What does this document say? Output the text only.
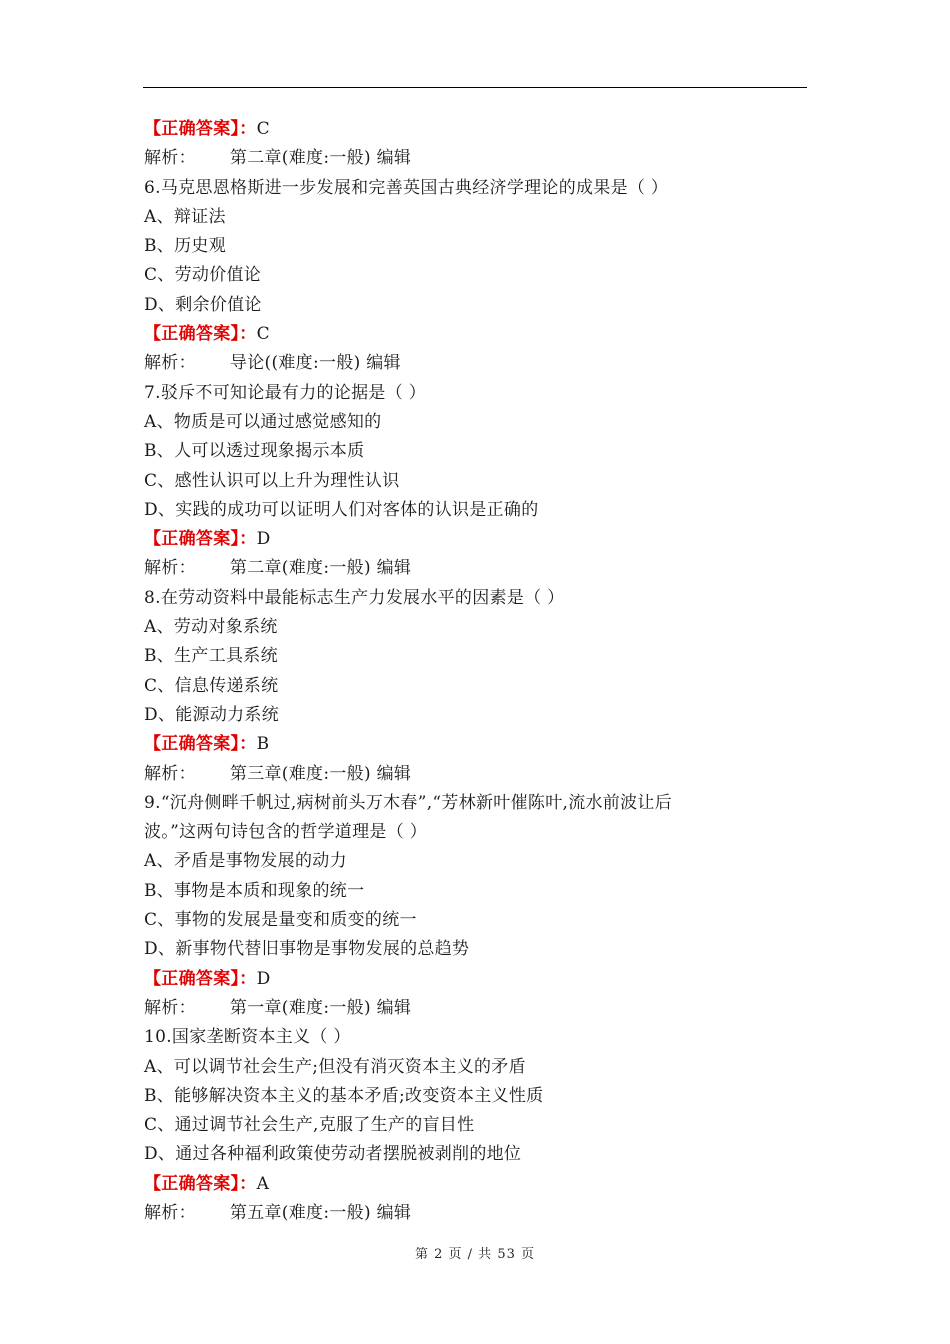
【正确答案】：C
解析： 第二章(难度:一般) 编辑
6.马克思恩格斯进一步发展和完善英国古典经济学理论的成果是（ ）
A、辩证法
B、历史观
C、劳动价值论
D、剩余价值论
【正确答案】：C
解析： 导论((难度:一般) 编辑
7.驳斥不可知论最有力的论据是（ ）
A、物质是可以通过感觉感知的
B、人可以透过现象揭示本质
C、感性认识可以上升为理性认识
D、实践的成功可以证明人们对客体的认识是正确的
【正确答案】：D
解析： 第二章(难度:一般) 编辑
8.在劳动资料中最能标志生产力发展水平的因素是（ ）
A、劳动对象系统
B、生产工具系统
C、信息传递系统
D、能源动力系统
【正确答案】：B
解析： 第三章(难度:一般) 编辑
9.“沉舟侧畔千帆过,病树前头万木春”,“芳林新叶催陈叶,流水前波让后
波。”这两句诗包含的哲学道理是（ ）
A、矛盾是事物发展的动力
B、事物是本质和现象的统一
C、事物的发展是量变和质变的统一
D、新事物代替旧事物是事物发展的总趋势
【正确答案】：D
解析： 第一章(难度:一般) 编辑
10.国家垄断资本主义（ ）
A、可以调节社会生产;但没有消灭资本主义的矛盾
B、能够解决资本主义的基本矛盾;改变资本主义性质
C、通过调节社会生产,克服了生产的盲目性
D、通过各种福利政策使劳动者摆脱被剥削的地位
【正确答案】：A
解析： 第五章(难度:一般) 编辑
第 2 页 / 共 53 页
